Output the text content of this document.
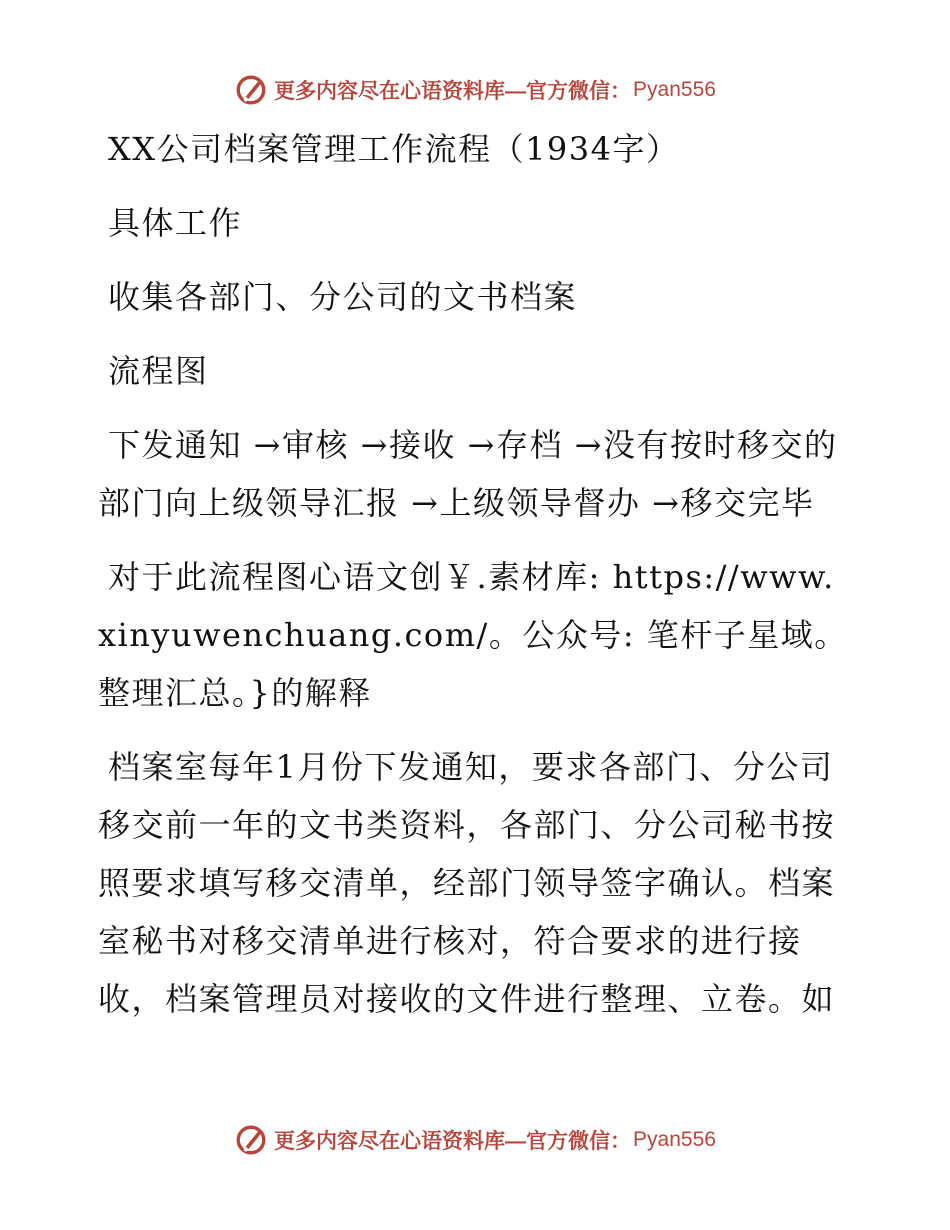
更多内容尽在心语资料库—官方微信： Pyan556

XX公司档案管理工作流程（1934字）

具体工作

收集各部门、分公司的文书档案

流程图

下发通知 →审核 →接收 →存档 →没有按时移交的部门向上级领导汇报 →上级领导督办 →移交完毕

对于此流程图心语文创￥.素材库: https://www.xinyuwenchuang.com/。公众号: 笔杆子星域。整理汇总。}的解释

档案室每年1月份下发通知，要求各部门、分公司移交前一年的文书类资料，各部门、分公司秘书按照要求填写移交清单，经部门领导签字确认。档案室秘书对移交清单进行核对，符合要求的进行接收，档案管理员对接收的文件进行整理、立卷。如

更多内容尽在心语资料库—官方微信： Pyan556
